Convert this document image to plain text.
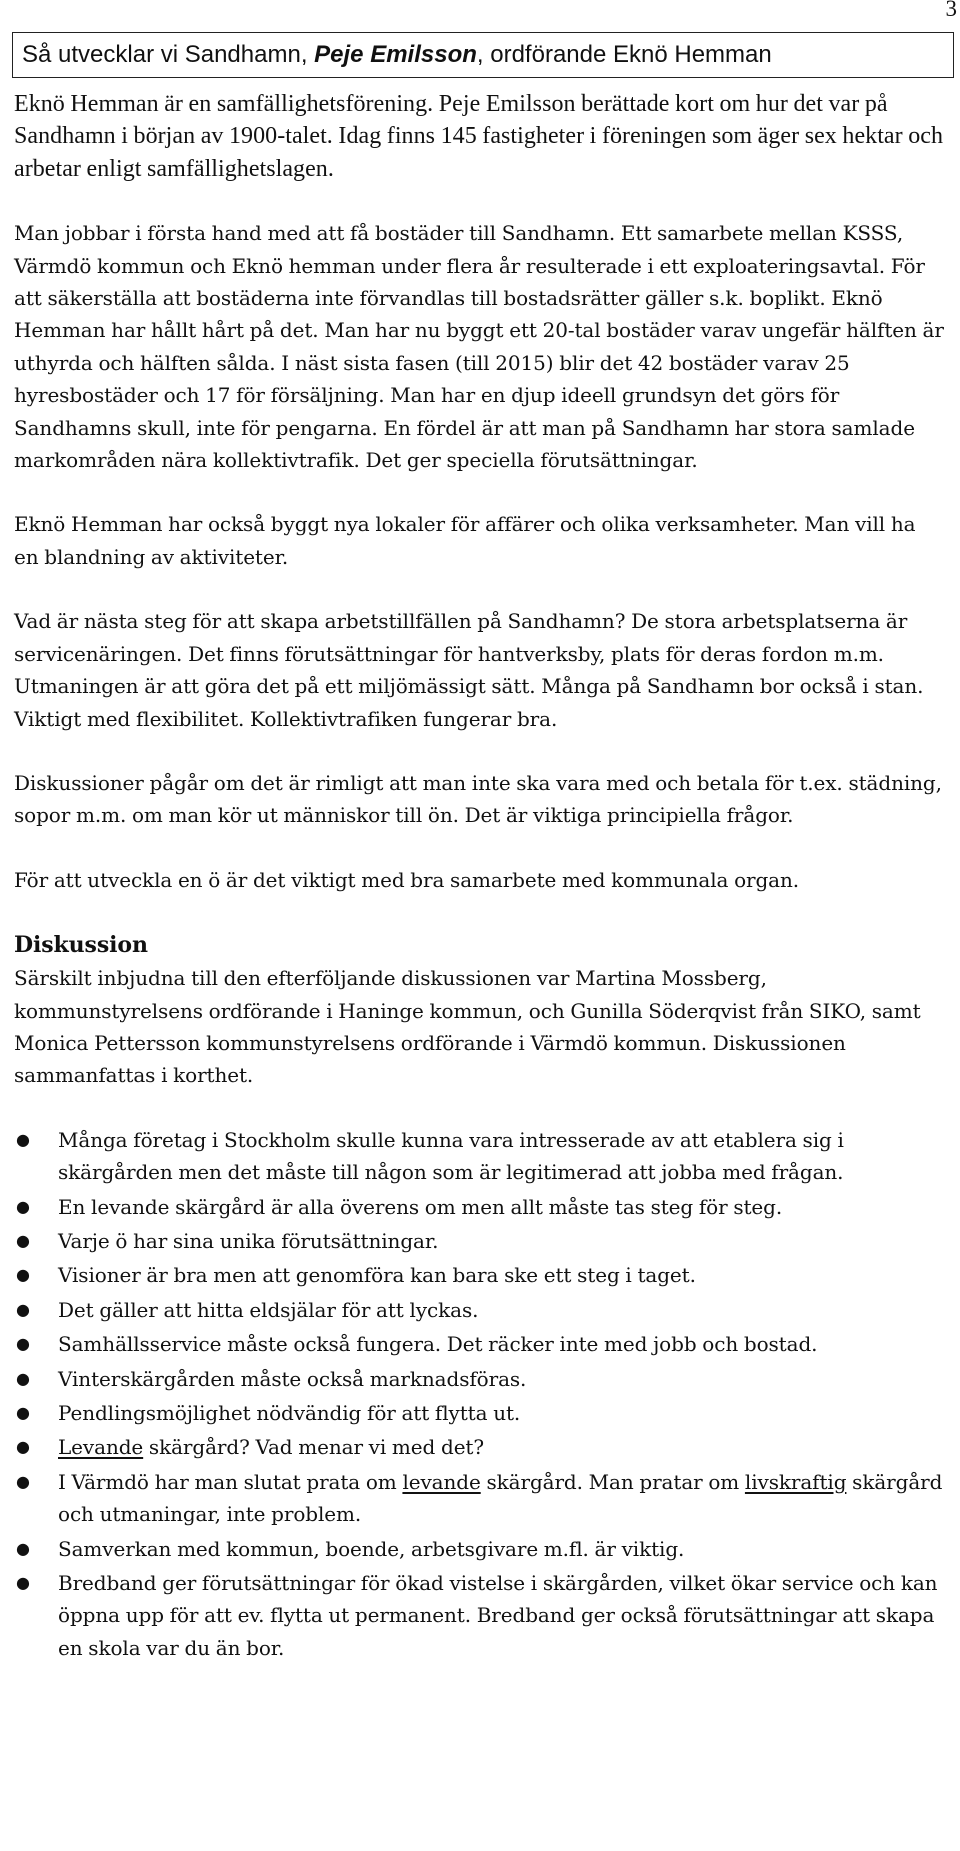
3
Så utvecklar vi Sandhamn, Peje Emilsson, ordförande Eknö Hemman

Eknö Hemman är en samfällighetsförening. Peje Emilsson berättade kort om hur det var på Sandhamn i början av 1900-talet. Idag finns 145 fastigheter i föreningen som äger sex hektar och arbetar enligt samfällighetslagen.

Man jobbar i första hand med att få bostäder till Sandhamn. Ett samarbete mellan KSSS, Värmdö kommun och Eknö hemman under flera år resulterade i ett exploateringsavtal. För att säkerställa att bostäderna inte förvandlas till bostadsrätter gäller s.k. boplikt. Eknö Hemman har hållt hårt på det. Man har nu byggt ett 20-tal bostäder varav ungefär hälften är uthyrda och hälften sålda. I näst sista fasen (till 2015) blir det 42 bostäder varav 25 hyresbostäder och 17 för försäljning. Man har en djup ideell grundsyn det görs för Sandhamns skull, inte för pengarna. En fördel är att man på Sandhamn har stora samlade markområden nära kollektivtrafik. Det ger speciella förutsättningar.

Eknö Hemman har också byggt nya lokaler för affärer och olika verksamheter. Man vill ha en blandning av aktiviteter.

Vad är nästa steg för att skapa arbetstillfällen på Sandhamn? De stora arbetsplatserna är servicenäringen. Det finns förutsättningar för hantverksby, plats för deras fordon m.m. Utmaningen är att göra det på ett miljömässigt sätt. Många på Sandhamn bor också i stan. Viktigt med flexibilitet. Kollektivtrafiken fungerar bra.

Diskussioner pågår om det är rimligt att man inte ska vara med och betala för t.ex. städning, sopor m.m. om man kör ut människor till ön. Det är viktiga principiella frågor.

För att utveckla en ö är det viktigt med bra samarbete med kommunala organ.

Diskussion

Särskilt inbjudna till den efterföljande diskussionen var Martina Mossberg, kommunstyrelsens ordförande i Haninge kommun, och Gunilla Söderqvist från SIKO, samt Monica Pettersson kommunstyrelsens ordförande i Värmdö kommun. Diskussionen sammanfattas i korthet.

● Många företag i Stockholm skulle kunna vara intresserade av att etablera sig i skärgården men det måste till någon som är legitimerad att jobba med frågan.
● En levande skärgård är alla överens om men allt måste tas steg för steg.
● Varje ö har sina unika förutsättningar.
● Visioner är bra men att genomföra kan bara ske ett steg i taget.
● Det gäller att hitta eldsjälar för att lyckas.
● Samhällsservice måste också fungera. Det räcker inte med jobb och bostad.
● Vinterskärgården måste också marknadsföras.
● Pendlingsmöjlighet nödvändig för att flytta ut.
● Levande skärgård? Vad menar vi med det?
● I Värmdö har man slutat prata om levande skärgård. Man pratar om livskraftig skärgård och utmaningar, inte problem.
● Samverkan med kommun, boende, arbetsgivare m.fl. är viktig.
● Bredband ger förutsättningar för ökad vistelse i skärgården, vilket ökar service och kan öppna upp för att ev. flytta ut permanent. Bredband ger också förutsättningar att skapa en skola var du än bor.
